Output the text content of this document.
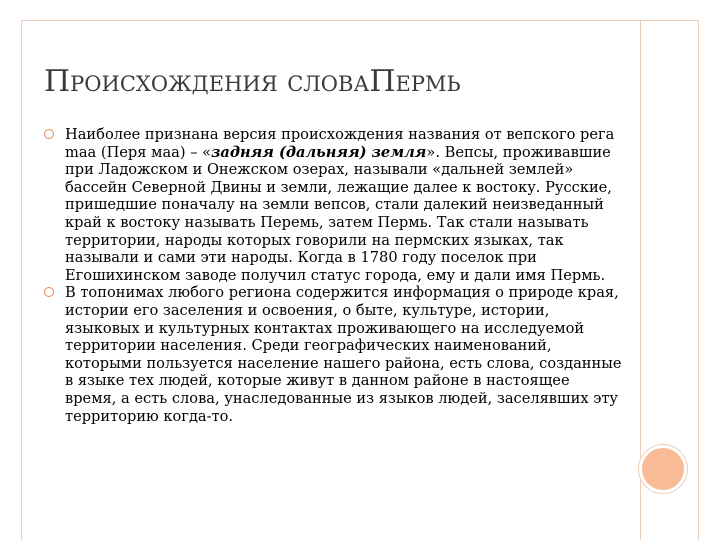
ПРОИСХОЖДЕНИЯ СЛОВАПЕРМЬ
Наиболее признана версия происхождения названия от вепского рега maa (Перя маа) – «задняя (дальняя) земля». Вепсы, проживавшие при Ладожском и Онежском озерах, называли «дальней землей» бассейн Северной Двины и земли, лежащие далее к востоку. Русские, пришедшие поначалу на земли вепсов, стали далекий неизведанный край к востоку называть Перемь, затем Пермь. Так стали называть территории, народы которых говорили на пермских языках, так называли и сами эти народы. Когда в 1780 году поселок при Егошихинском заводе получил статус города, ему и дали имя Пермь.
В топонимах любого региона содержится информация о природе края, истории его заселения и освоения, о быте, культуре, истории, языковых и культурных контактах проживающего на исследуемой территории населения. Среди географических наименований, которыми пользуется население нашего района, есть слова, созданные в языке тех людей, которые живут в данном районе в настоящее время, а есть слова, унаследованные из языков людей, заселявших эту территорию когда-то.
